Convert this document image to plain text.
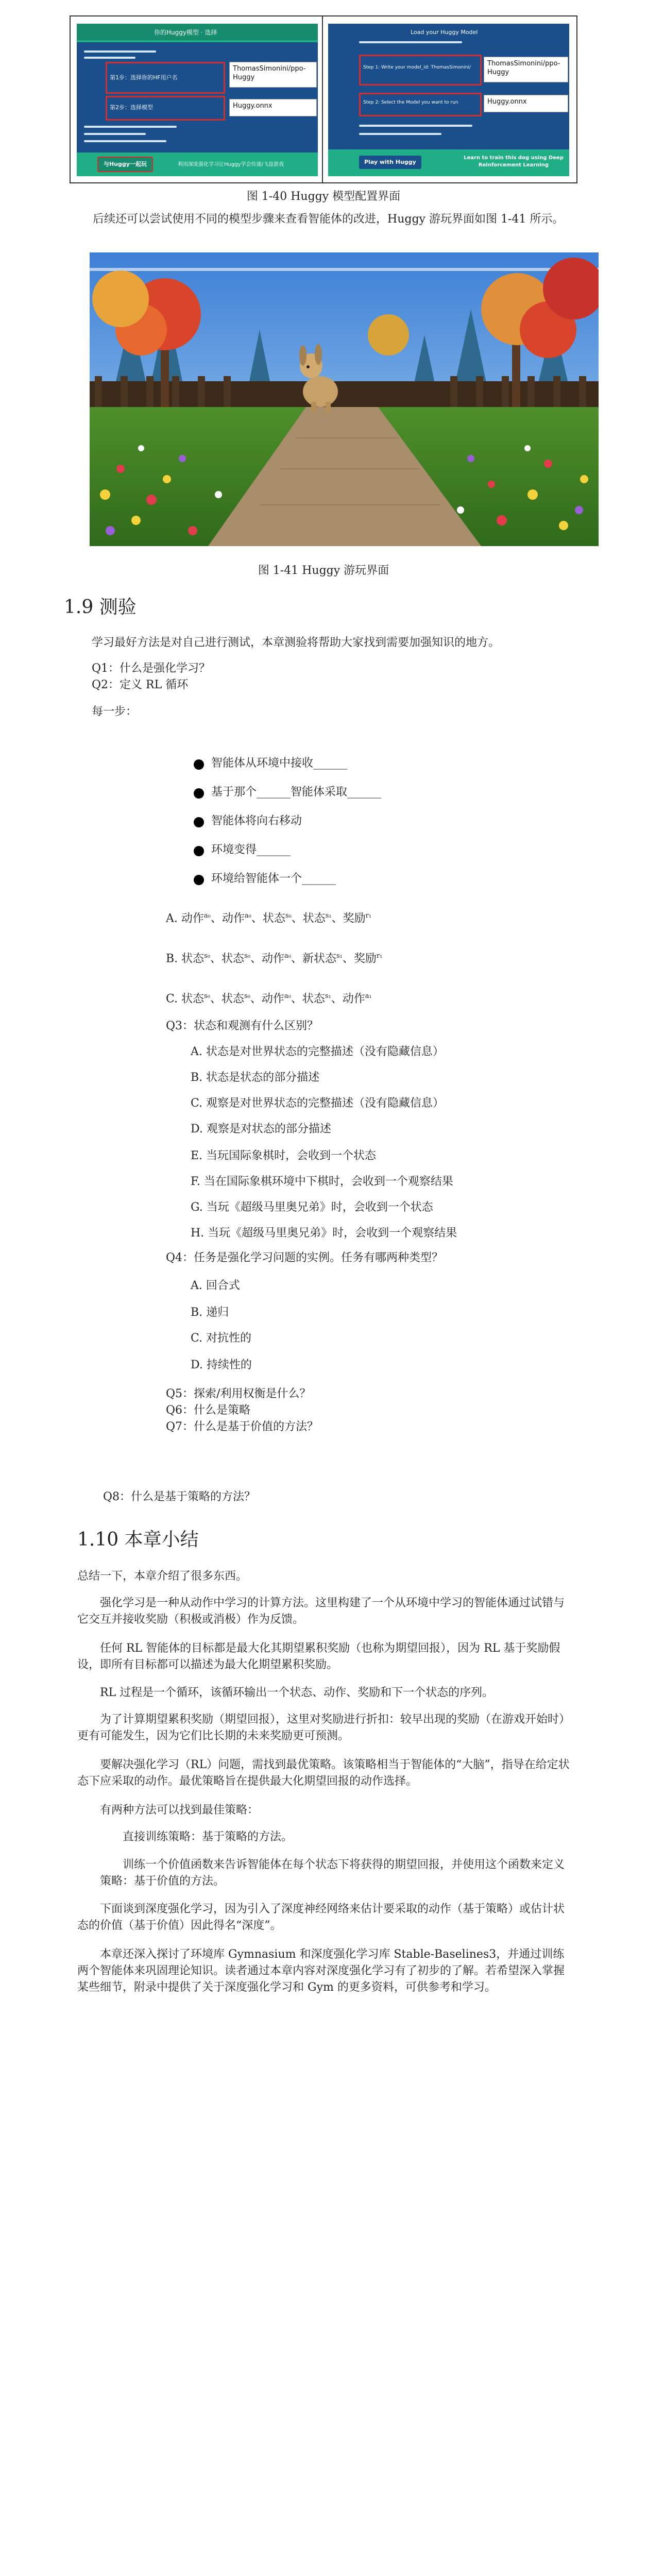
你的Huggy模型 · 选择
第1步：选择你的HF用户名
ThomasSimonini/ppo-Huggy
第2步：选择模型	Huggy.onnx
与Huggy一起玩	利用深度强化学习让Huggy学会传递/飞盘游戏
Load your Huggy Model
Step 1: Write your model_id: ThomasSimonini/	ThomasSimonini/ppo-Huggy
Step 2: Select the Model you want to run	Huggy.onnx
Play with Huggy
Learn to train this dog using Deep Reinforcement Learning
图 1-40 Huggy 模型配置界面

后续还可以尝试使用不同的模型步骤来查看智能体的改进，Huggy 游玩界面如图 1-41 所示。

图 1-41 Huggy 游玩界面
1.9 测验

学习最好方法是对自己进行测试，本章测验将帮助大家找到需要加强知识的地方。

Q1：什么是强化学习？

Q2：定义 RL 循环

每一步：

智能体从环境中接收______

基于那个______智能体采取______

智能体将向右移动

环境变得______

环境给智能体一个______

A. 动作$^{a_0}$、动作$^{a_0}$、状态$^{s_0}$、状态$^{s_1}$、奖励$^{r_1}$

B. 状态$^{s_0}$、状态$^{s_0}$、动作$^{a_0}$、新状态$^{s_1}$、奖励$^{r_1}$

C. 状态$^{s_0}$、状态$^{s_0}$、动作$^{a_0}$、状态$^{s_1}$、动作$^{a_1}$

Q3：状态和观测有什么区别？

A. 状态是对世界状态的完整描述（没有隐藏信息）

B. 状态是状态的部分描述

C. 观察是对世界状态的完整描述（没有隐藏信息）

D. 观察是对状态的部分描述

E. 当玩国际象棋时，会收到一个状态

F. 当在国际象棋环境中下棋时，会收到一个观察结果

G. 当玩《超级马里奥兄弟》时，会收到一个状态

H. 当玩《超级马里奥兄弟》时，会收到一个观察结果

Q4：任务是强化学习问题的实例。任务有哪两种类型？

A. 回合式

B. 递归

C. 对抗性的

D. 持续性的

Q5：探索/利用权衡是什么？

Q6：什么是策略

Q7：什么是基于价值的方法？

Q8：什么是基于策略的方法？

1.10 本章小结

总结一下，本章介绍了很多东西。

强化学习是一种从动作中学习的计算方法。这里构建了一个从环境中学习的智能体通过试错与它交互并接收奖励（积极或消极）作为反馈。

任何 RL 智能体的目标都是最大化其期望累积奖励（也称为期望回报），因为 RL 基于奖励假设，即所有目标都可以描述为最大化期望累积奖励。

RL 过程是一个循环，该循环输出一个状态、动作、奖励和下一个状态的序列。

为了计算期望累积奖励（期望回报），这里对奖励进行折扣：较早出现的奖励（在游戏开始时）更有可能发生，因为它们比长期的未来奖励更可预测。

要解决强化学习（RL）问题，需找到最优策略。该策略相当于智能体的“大脑”，指导在给定状态下应采取的动作。最优策略旨在提供最大化期望回报的动作选择。

有两种方法可以找到最佳策略：

直接训练策略：基于策略的方法。

训练一个价值函数来告诉智能体在每个状态下将获得的期望回报，并使用这个函数来定义策略：基于价值的方法。

下面谈到深度强化学习，因为引入了深度神经网络来估计要采取的动作（基于策略）或估计状态的价值（基于价值）因此得名“深度”。

本章还深入探讨了环境库 Gymnasium 和深度强化学习库 Stable-Baselines3，并通过训练两个智能体来巩固理论知识。读者通过本章内容对深度强化学习有了初步的了解。若希望深入掌握某些细节，附录中提供了关于深度强化学习和 Gym 的更多资料，可供参考和学习。
